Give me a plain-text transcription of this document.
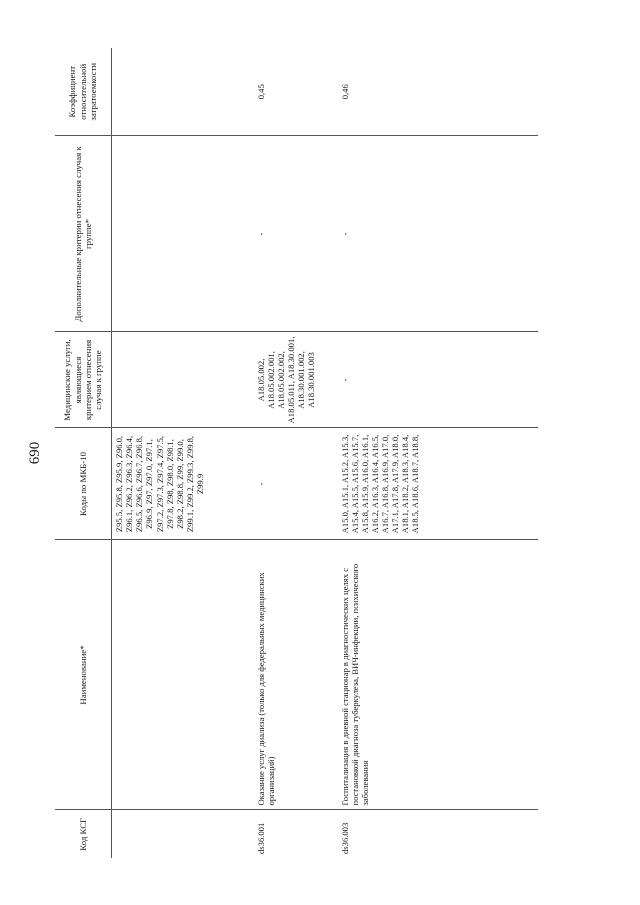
690
Код КСГ	Наименование*	Коды по МКБ-10	Медицинские услуги, являющиеся критерием отнесения случая к группе	Дополнительные критерии отнесения случая к группе*	Коэффициент относительной затратоемкости
		Z95.5, Z95.8, Z95.9, Z96.0, Z96.1, Z96.2, Z96.3, Z96.4, Z96.5, Z96.6, Z96.7, Z96.8, Z96.9, Z97, Z97.0, Z97.1, Z97.2, Z97.3, Z97.4, Z97.5, Z97.8, Z98, Z98.0, Z98.1, Z98.2, Z98.8, Z99, Z99.0, Z99.1, Z99.2, Z99.3, Z99.8, Z99.9			
ds36.001	Оказание услуг диализа (только для федеральных медицинских организаций)	-	A18.05.002, A18.05.002.001, A18.05.002.002, A18.05.011, A18.30.001, A18.30.001.002, A18.30.001.003	-	0,45
ds36.003	Госпитализация в дневной стационар в диагностических целях с постановкой диагноза туберкулеза, ВИЧ-инфекции, психического заболевания	A15.0, A15.1, A15.2, A15.3, A15.4, A15.5, A15.6, A15.7, A15.8, A15.9, A16.0, A16.1, A16.2, A16.3, A16.4, A16.5, A16.7, A16.8, A16.9, A17.0, A17.1, A17.8, A17.9, A18.0, A18.1, A18.2, A18.3, A18.4, A18.5, A18.6, A18.7, A18.8,	-	-	0,46
